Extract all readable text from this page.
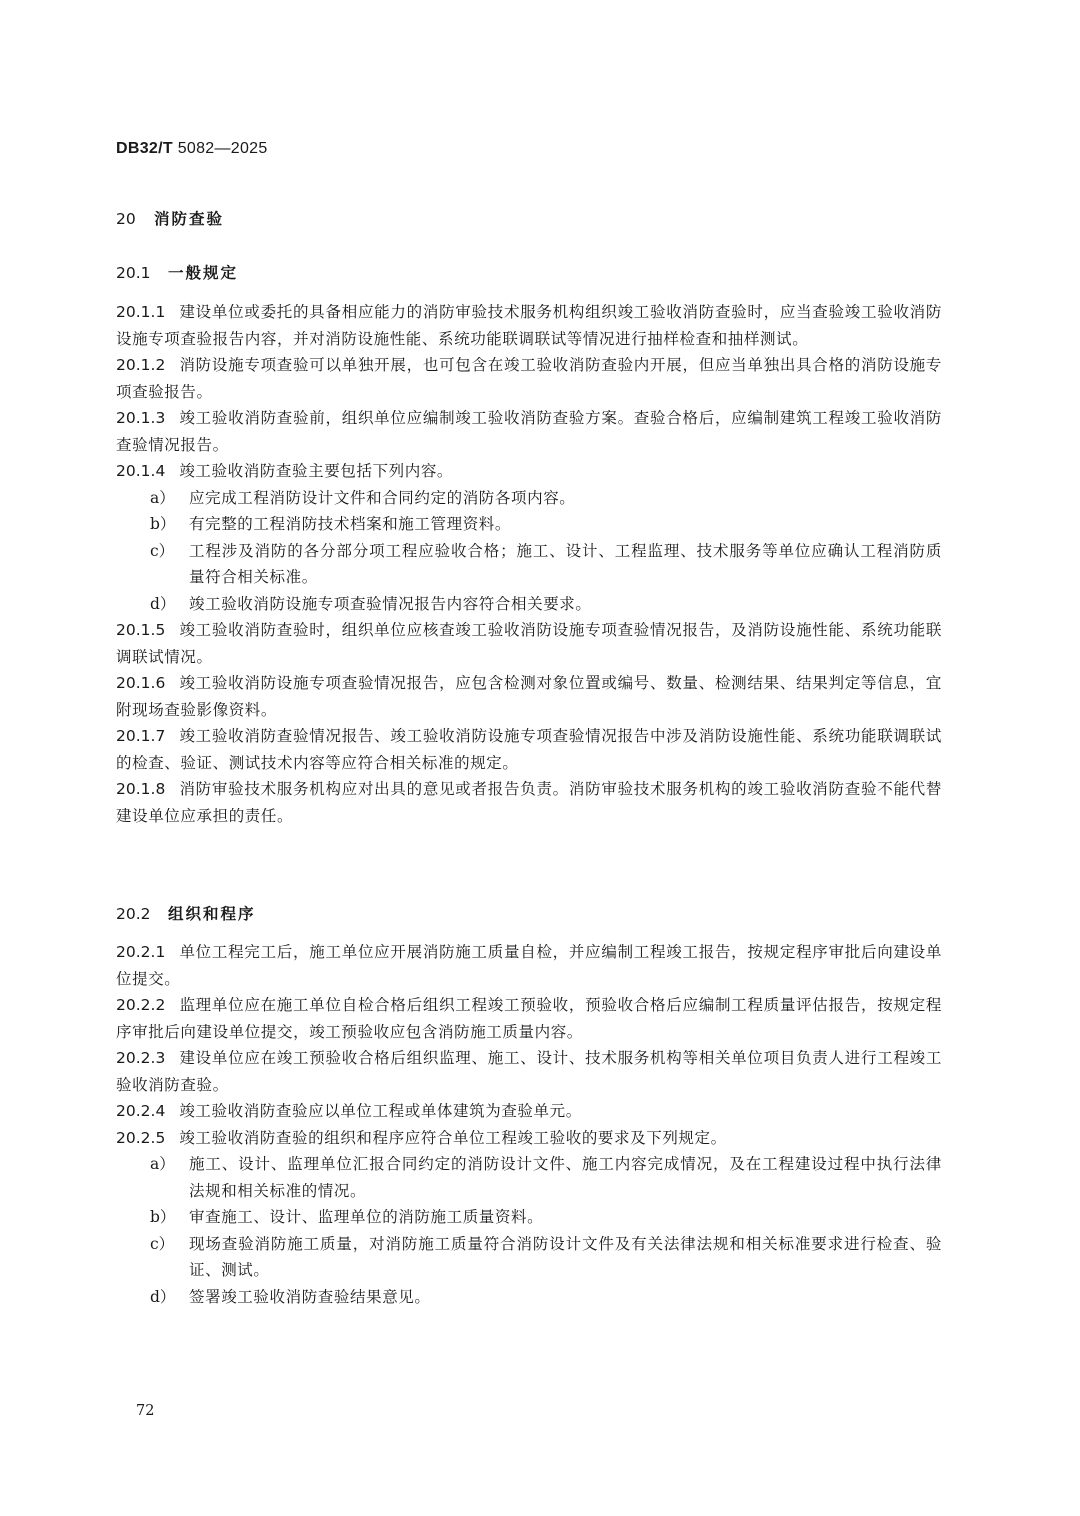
DB32/T 5082—2025
20 消防查验
20.1 一般规定

20.1.1 建设单位或委托的具备相应能力的消防审验技术服务机构组织竣工验收消防查验时，应当查验竣工验收消防设施专项查验报告内容，并对消防设施性能、系统功能联调联试等情况进行抽样检查和抽样测试。

20.1.2 消防设施专项查验可以单独开展，也可包含在竣工验收消防查验内开展，但应当单独出具合格的消防设施专项查验报告。

20.1.3 竣工验收消防查验前，组织单位应编制竣工验收消防查验方案。查验合格后，应编制建筑工程竣工验收消防查验情况报告。

20.1.4 竣工验收消防查验主要包括下列内容。

a） 应完成工程消防设计文件和合同约定的消防各项内容。

b） 有完整的工程消防技术档案和施工管理资料。

c） 工程涉及消防的各分部分项工程应验收合格；施工、设计、工程监理、技术服务等单位应确认工程消防质量符合相关标准。

d） 竣工验收消防设施专项查验情况报告内容符合相关要求。

20.1.5 竣工验收消防查验时，组织单位应核查竣工验收消防设施专项查验情况报告，及消防设施性能、系统功能联调联试情况。

20.1.6 竣工验收消防设施专项查验情况报告，应包含检测对象位置或编号、数量、检测结果、结果判定等信息，宜附现场查验影像资料。

20.1.7 竣工验收消防查验情况报告、竣工验收消防设施专项查验情况报告中涉及消防设施性能、系统功能联调联试的检查、验证、测试技术内容等应符合相关标准的规定。

20.1.8 消防审验技术服务机构应对出具的意见或者报告负责。消防审验技术服务机构的竣工验收消防查验不能代替建设单位应承担的责任。

20.2 组织和程序

20.2.1 单位工程完工后，施工单位应开展消防施工质量自检，并应编制工程竣工报告，按规定程序审批后向建设单位提交。

20.2.2 监理单位应在施工单位自检合格后组织工程竣工预验收，预验收合格后应编制工程质量评估报告，按规定程序审批后向建设单位提交，竣工预验收应包含消防施工质量内容。

20.2.3 建设单位应在竣工预验收合格后组织监理、施工、设计、技术服务机构等相关单位项目负责人进行工程竣工验收消防查验。

20.2.4 竣工验收消防查验应以单位工程或单体建筑为查验单元。

20.2.5 竣工验收消防查验的组织和程序应符合单位工程竣工验收的要求及下列规定。

a） 施工、设计、监理单位汇报合同约定的消防设计文件、施工内容完成情况，及在工程建设过程中执行法律法规和相关标准的情况。

b） 审查施工、设计、监理单位的消防施工质量资料。

c） 现场查验消防施工质量，对消防施工质量符合消防设计文件及有关法律法规和相关标准要求进行检查、验证、测试。

d） 签署竣工验收消防查验结果意见。

72
